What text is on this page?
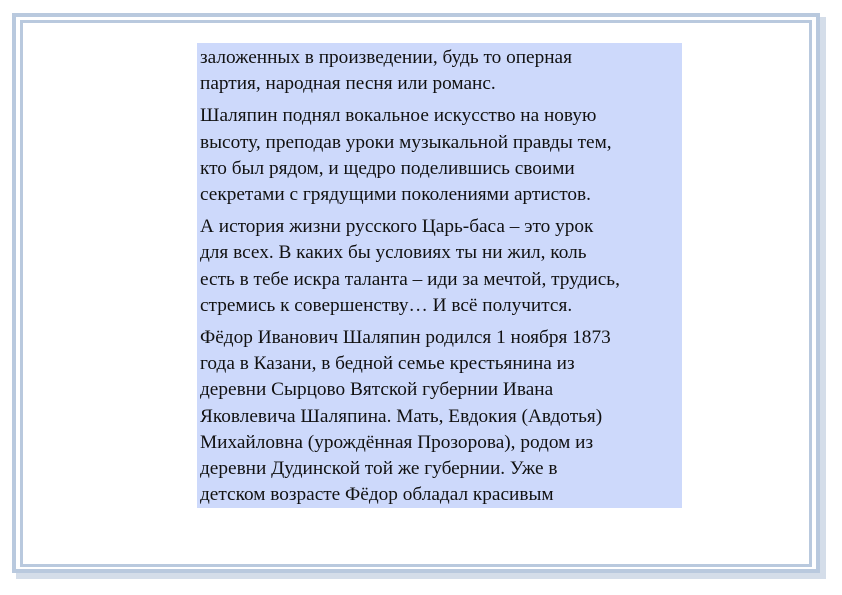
заложенных в произведении, будь то оперная
партия, народная песня или романс.

Шаляпин поднял вокальное искусство на новую
высоту, преподав уроки музыкальной правды тем,
кто был рядом, и щедро поделившись своими
секретами с грядущими поколениями артистов.

А история жизни русского Царь-баса – это урок
для всех. В каких бы условиях ты ни жил, коль
есть в тебе искра таланта – иди за мечтой, трудись,
стремись к совершенству… И всё получится.

Фёдор Иванович Шаляпин родился 1 ноября 1873
года в Казани, в бедной семье крестьянина из
деревни Сырцово Вятской губернии Ивана
Яковлевича Шаляпина. Мать, Евдокия (Авдотья)
Михайловна (урождённая Прозорова), родом из
деревни Дудинской той же губернии. Уже в
детском возрасте Фёдор обладал красивым
